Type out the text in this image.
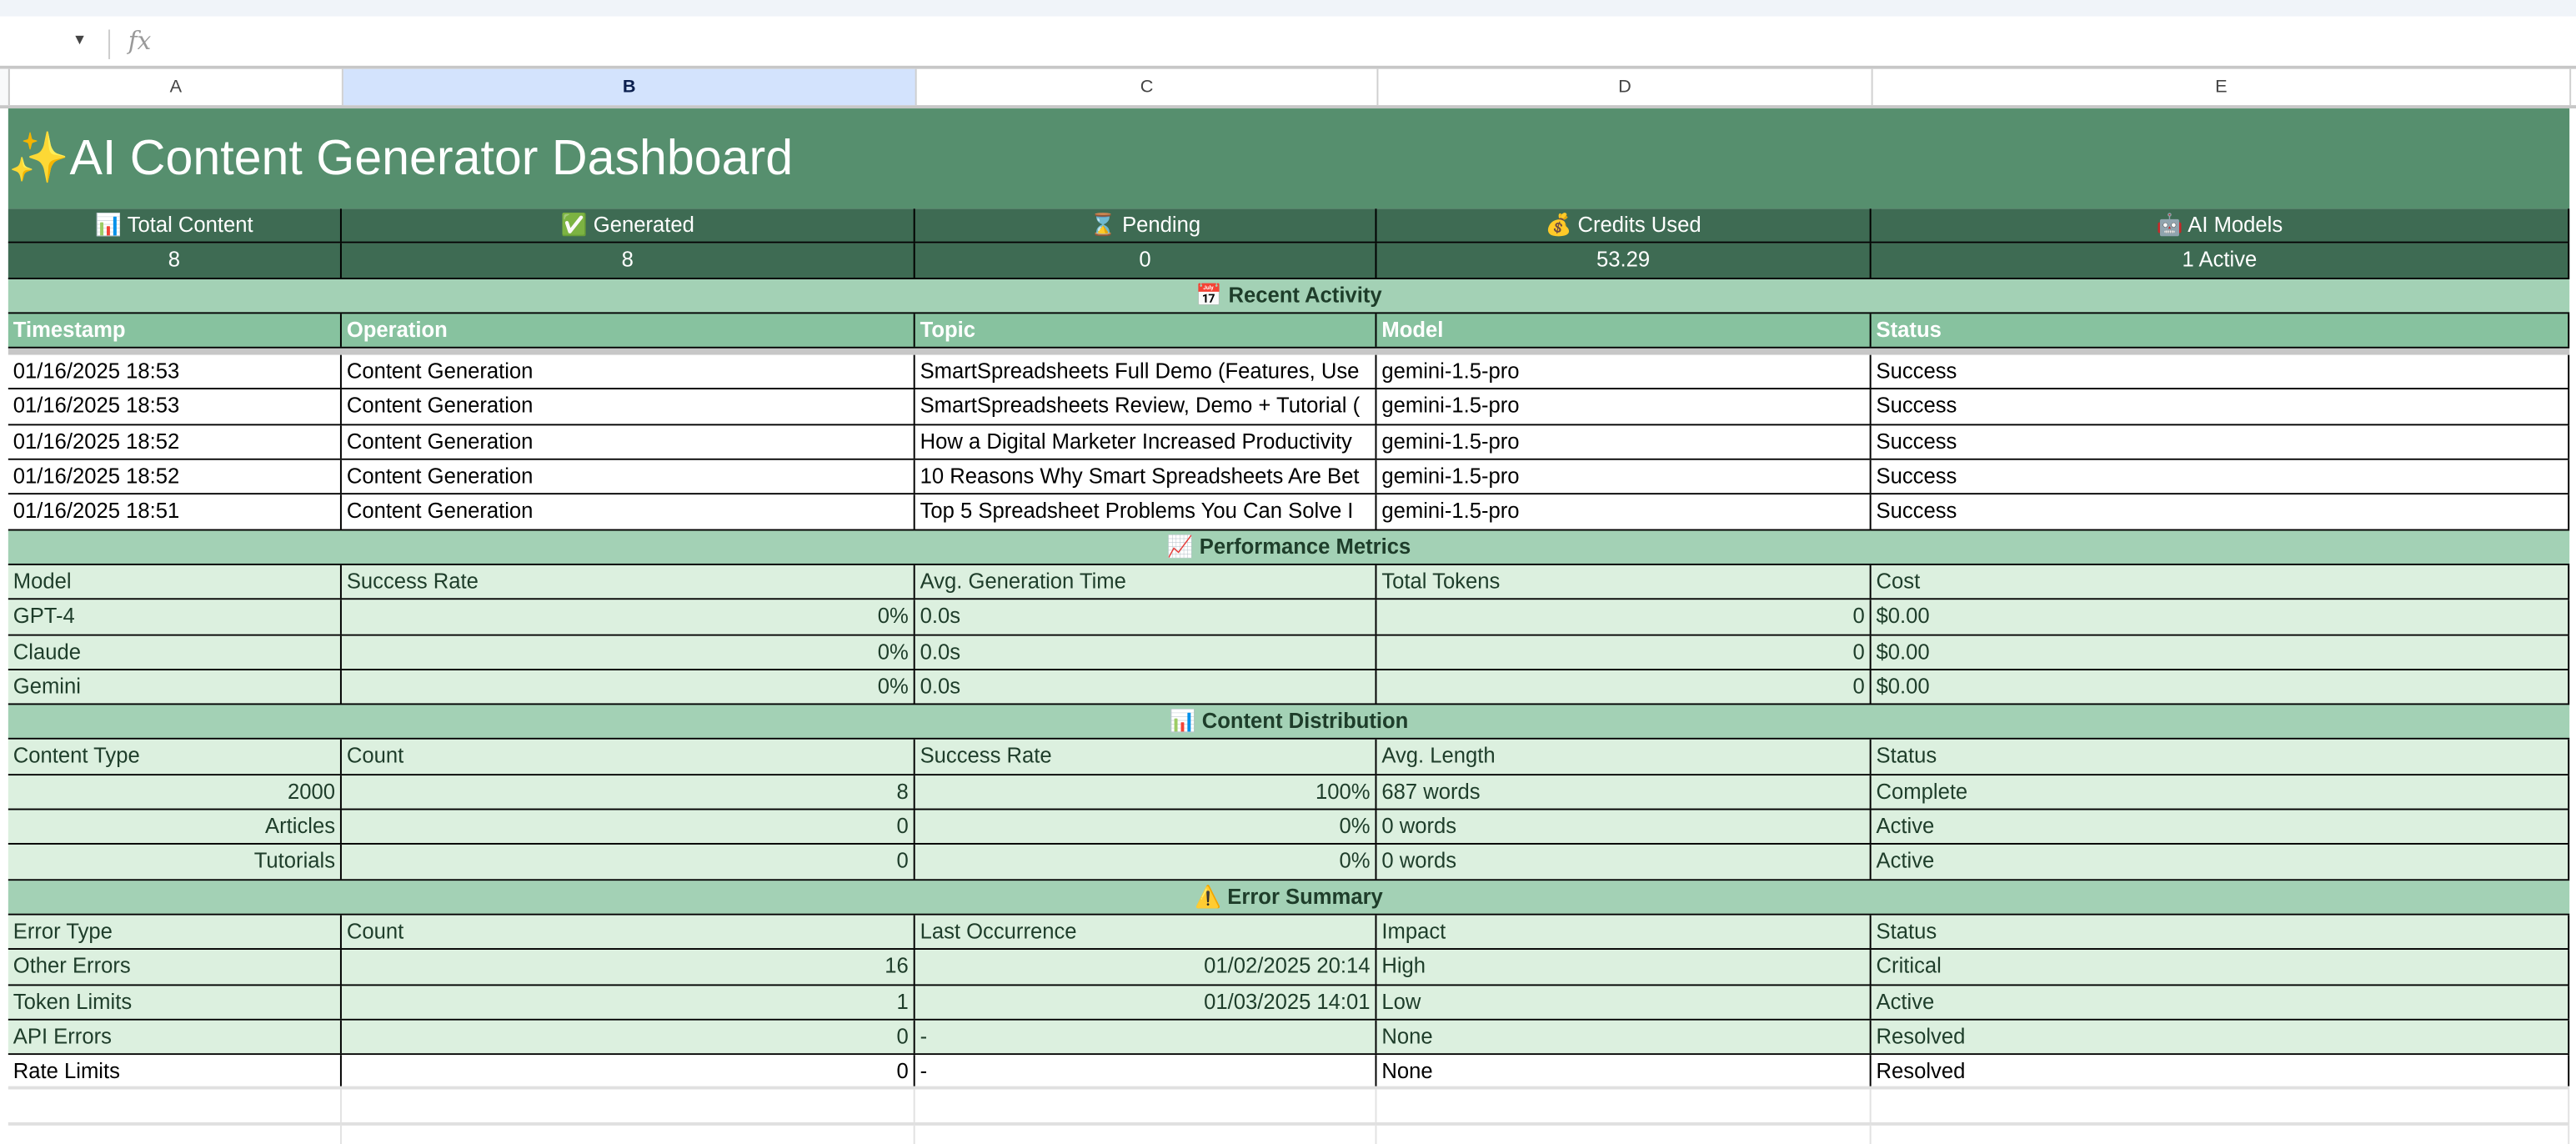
▼	fx
A	B	C	D	E
✨ AI Content Generator Dashboard
📊 Total Content	✅ Generated	⌛ Pending	💰 Credits Used	🤖 AI Models
8	8	0	53.29	1 Active
📅 Recent Activity
Timestamp	Operation	Topic	Model	Status
01/16/2025 18:53	Content Generation	SmartSpreadsheets Full Demo (Features, Use	gemini-1.5-pro	Success
01/16/2025 18:53	Content Generation	SmartSpreadsheets Review, Demo + Tutorial (	gemini-1.5-pro	Success
01/16/2025 18:52	Content Generation	How a Digital Marketer Increased Productivity	gemini-1.5-pro	Success
01/16/2025 18:52	Content Generation	10 Reasons Why Smart Spreadsheets Are Bet	gemini-1.5-pro	Success
01/16/2025 18:51	Content Generation	Top 5 Spreadsheet Problems You Can Solve I	gemini-1.5-pro	Success
📈 Performance Metrics
Model	Success Rate	Avg. Generation Time	Total Tokens	Cost
GPT-4	0%	0.0s	0	$0.00
Claude	0%	0.0s	0	$0.00
Gemini	0%	0.0s	0	$0.00
📊 Content Distribution
Content Type	Count	Success Rate	Avg. Length	Status
2000	8	100%	687 words	Complete
Articles	0	0%	0 words	Active
Tutorials	0	0%	0 words	Active
⚠️ Error Summary
Error Type	Count	Last Occurrence	Impact	Status
Other Errors	16	01/02/2025 20:14	High	Critical
Token Limits	1	01/03/2025 14:01	Low	Active
API Errors	0	-	None	Resolved
Rate Limits	0	-	None	Resolved
